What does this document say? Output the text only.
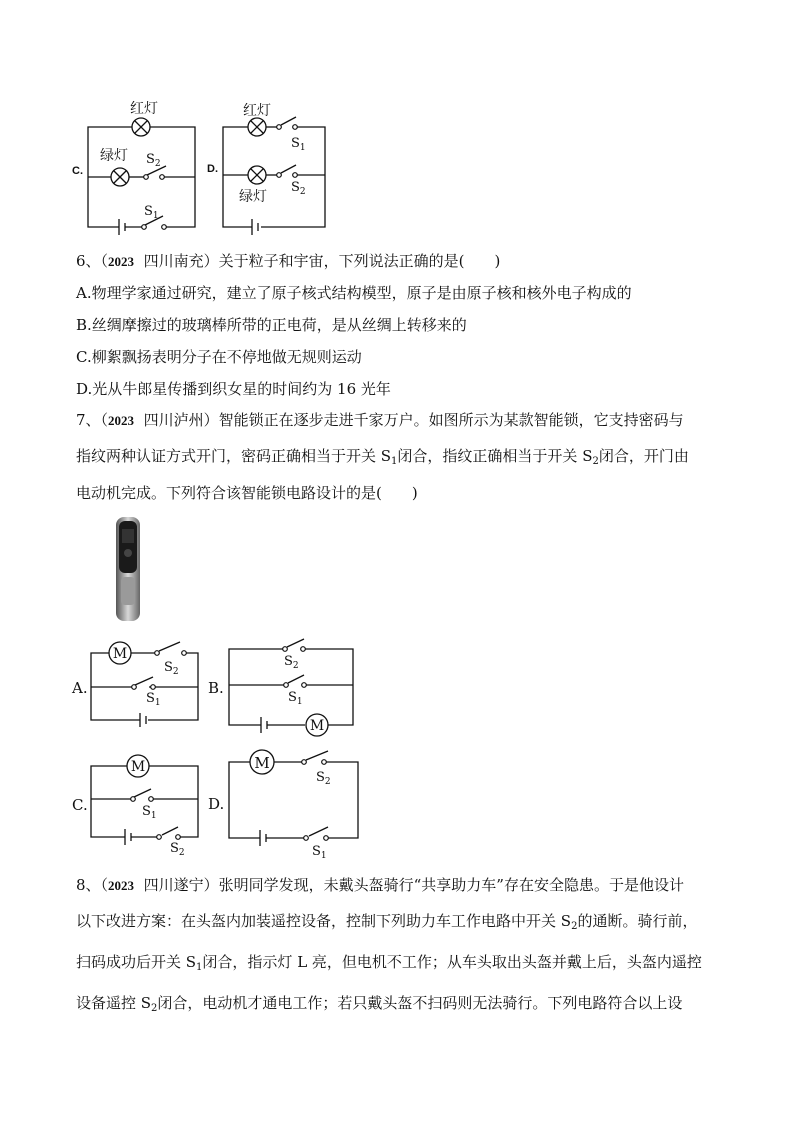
红灯
绿灯 $S_2$
$S_1$
C.
红灯
$S_1$
$S_2$
绿灯
D.
6、（2023 四川南充）关于粒子和宇宙，下列说法正确的是(　　)
A.物理学家通过研究，建立了原子核式结构模型，原子是由原子核和核外电子构成的
B.丝绸摩擦过的玻璃棒所带的正电荷，是从丝绸上转移来的
C.柳絮飘扬表明分子在不停地做无规则运动
D.光从牛郎星传播到织女星的时间约为 16 光年
7、（2023 四川泸州）智能锁正在逐步走进千家万户。如图所示为某款智能锁，它支持密码与
指纹两种认证方式开门，密码正确相当于开关 $S_1$闭合，指纹正确相当于开关 $S_2$闭合，开门由
电动机完成。下列符合该智能锁电路设计的是(　　)
M
$S_2$
$S_1$
A.
M
$S_2$
$S_1$
B.
M
$S_1$
$S_2$
C.
M
$S_2$
$S_1$
D.
8、（2023 四川遂宁）张明同学发现，未戴头盔骑行“共享助力车”存在安全隐患。于是他设计
以下改进方案：在头盔内加装遥控设备，控制下列助力车工作电路中开关 $S_2$的通断。骑行前，
扫码成功后开关 $S_1$闭合，指示灯 L 亮，但电机不工作；从车头取出头盔并戴上后，头盔内遥控
设备遥控 $S_2$闭合，电动机才通电工作；若只戴头盔不扫码则无法骑行。下列电路符合以上设
